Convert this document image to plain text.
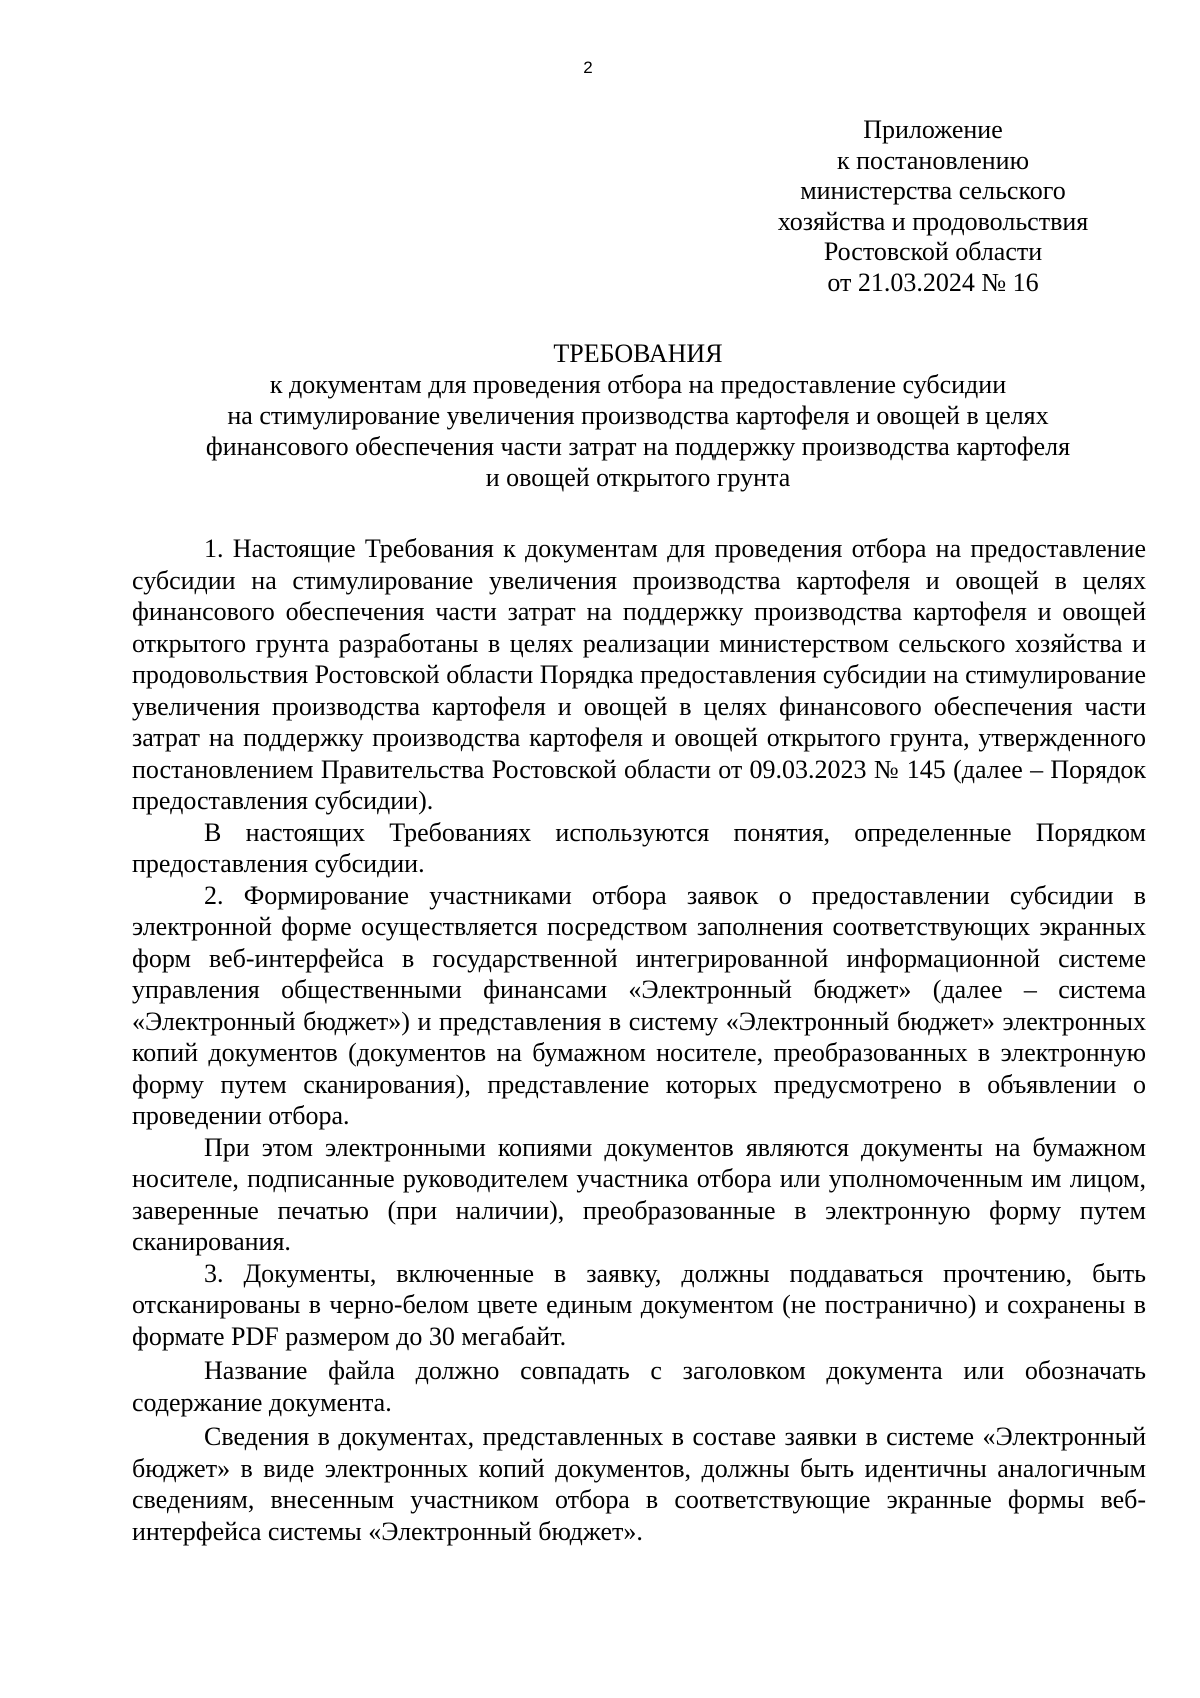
2
Приложение
к постановлению
министерства сельского
хозяйства и продовольствия
Ростовской области
от 21.03.2024 № 16
ТРЕБОВАНИЯ
к документам для проведения отбора на предоставление субсидии
на стимулирование увеличения производства картофеля и овощей в целях
финансового обеспечения части затрат на поддержку производства картофеля
и овощей открытого грунта

1. Настоящие Требования к документам для проведения отбора на предоставление субсидии на стимулирование увеличения производства картофеля и овощей в целях финансового обеспечения части затрат на поддержку производства картофеля и овощей открытого грунта разработаны в целях реализации министерством сельского хозяйства и продовольствия Ростовской области Порядка предоставления субсидии на стимулирование увеличения производства картофеля и овощей в целях финансового обеспечения части затрат на поддержку производства картофеля и овощей открытого грунта, утвержденного постановлением Правительства Ростовской области от 09.03.2023 № 145 (далее – Порядок предоставления субсидии).

В настоящих Требованиях используются понятия, определенные Порядком предоставления субсидии.

2. Формирование участниками отбора заявок о предоставлении субсидии в электронной форме осуществляется посредством заполнения соответствующих экранных форм веб-интерфейса в государственной интегрированной информационной системе управления общественными финансами «Электронный бюджет» (далее – система «Электронный бюджет») и представления в систему «Электронный бюджет» электронных копий документов (документов на бумажном носителе, преобразованных в электронную форму путем сканирования), представление которых предусмотрено в объявлении о проведении отбора.

При этом электронными копиями документов являются документы на бумажном носителе, подписанные руководителем участника отбора или уполномоченным им лицом, заверенные печатью (при наличии), преобразованные в электронную форму путем сканирования.

3. Документы, включенные в заявку, должны поддаваться прочтению, быть отсканированы в черно-белом цвете единым документом (не постранично) и сохранены в формате PDF размером до 30 мегабайт.

Название файла должно совпадать с заголовком документа или обозначать содержание документа.

Сведения в документах, представленных в составе заявки в системе «Электронный бюджет» в виде электронных копий документов, должны быть идентичны аналогичным сведениям, внесенным участником отбора в соответствующие экранные формы веб-интерфейса системы «Электронный бюджет».
